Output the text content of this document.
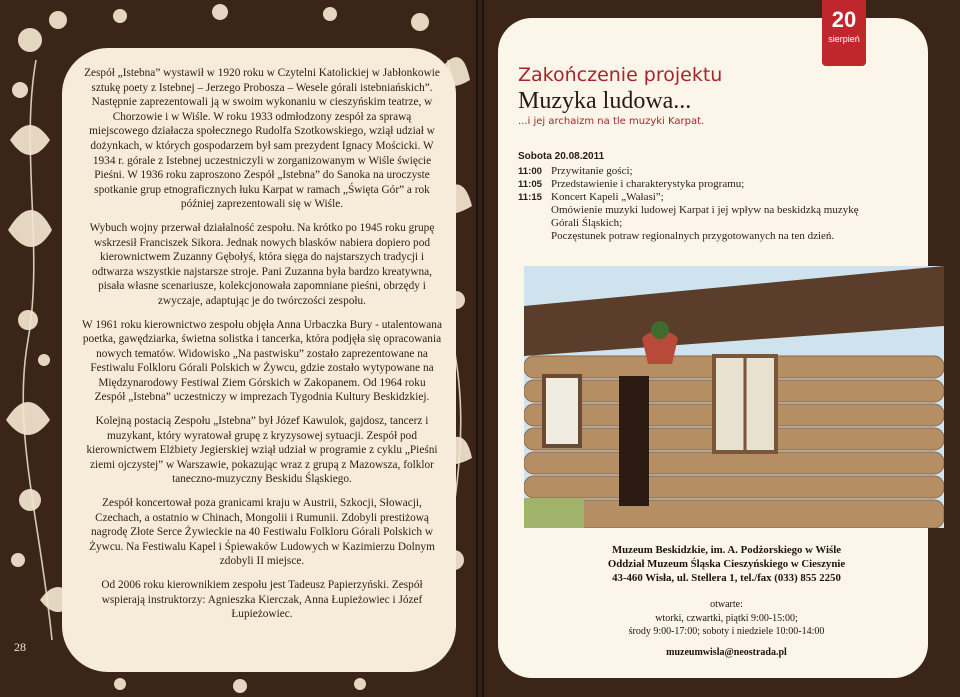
Zespół „Istebna” wystawił w 1920 roku w Czytelni Katolickiej w Jabłonkowie sztukę poety z Istebnej – Jerzego Probosza – Wesele górali istebniańskich”. Następnie zaprezentowali ją w swoim wykonaniu w cieszyńskim teatrze, w Chorzowie i w Wiśle. W roku 1933 odmłodzony zespół za sprawą miejscowego działacza społecznego Rudolfa Szotkowskiego, wziął udział w dożynkach, w których gospodarzem był sam prezydent Ignacy Mościcki. W 1934 r. górale z Istebnej uczestniczyli w zorganizowanym w Wiśle święcie Pieśni. W 1936 roku zaproszono Zespół „Istebna” do Sanoka na uroczyste spotkanie grup etnograficznych łuku Karpat w ramach „Święta Gór” a rok później zaprezentowali się w Wiśle.

Wybuch wojny przerwał działalność zespołu. Na krótko po 1945 roku grupę wskrzesił Franciszek Sikora. Jednak nowych blasków nabiera dopiero pod kierownictwem Zuzanny Gębołyś, która sięga do najstarszych tradycji i odtwarza wszystkie najstarsze stroje. Pani Zuzanna była bardzo kreatywna, pisała własne scenariusze, kolekcjonowała zapomniane pieśni, obrzędy i zwyczaje, adaptując je do twórczości zespołu.

W 1961 roku kierownictwo zespołu objęła Anna Urbaczka Bury - utalentowana poetka, gawędziarka, świetna solistka i tancerka, która podjęła się opracowania nowych tematów. Widowisko „Na pastwisku” zostało zaprezentowane na Festiwalu Folkloru Górali Polskich w Żywcu, gdzie zostało wytypowane na Międzynarodowy Festiwal Ziem Górskich w Zakopanem. Od 1964 roku Zespół „Istebna” uczestniczy w imprezach Tygodnia Kultury Beskidzkiej.

Kolejną postacią Zespołu „Istebna” był Józef Kawulok, gajdosz, tancerz i muzykant, który wyratował grupę z kryzysowej sytuacji. Zespół pod kierownictwem Elżbiety Jegierskiej wziął udział w programie z cyklu „Pieśni ziemi ojczystej” w Warszawie, pokazując wraz z grupą z Mazowsza, folklor taneczno-muzyczny Beskidu Śląskiego.

Zespół koncertował poza granicami kraju w Austrii, Szkocji, Słowacji, Czechach, a ostatnio w Chinach, Mongolii i Rumunii. Zdobyli prestiżową nagrodę Złote Serce Żywieckie na 40 Festiwalu Folkloru Górali Polskich w Żywcu. Na Festiwalu Kapel i Śpiewaków Ludowych w Kazimierzu Dolnym zdobyli II miejsce.

Od 2006 roku kierownikiem zespołu jest Tadeusz Papierzyński. Zespół wspierają instruktorzy: Agnieszka Kierczak, Anna Łupieżowiec i Józef Łupieżowiec.

28
20
sierpień
Zakończenie projektu
Muzyka ludowa...
...i jej archaizm na tle muzyki Karpat.
Sobota 20.08.2011
11:00 Przywitanie gości;
11:05 Przedstawienie i charakterystyka programu;
11:15 Koncert Kapeli „Wałasi”;
Omówienie muzyki ludowej Karpat i jej wpływ na beskidzką muzykę Górali Śląskich;
Poczęstunek potraw regionalnych przygotowanych na ten dzień.
Muzeum Beskidzkie, im. A. Podżorskiego w Wiśle
Oddział Muzeum Śląska Cieszyńskiego w Cieszynie
43-460 Wisła, ul. Stellera 1, tel./fax (033) 855 2250
otwarte:
wtorki, czwartki, piątki 9:00-15:00;
środy 9:00-17:00; soboty i niedziele 10:00-14:00
muzeumwisla@neostrada.pl
